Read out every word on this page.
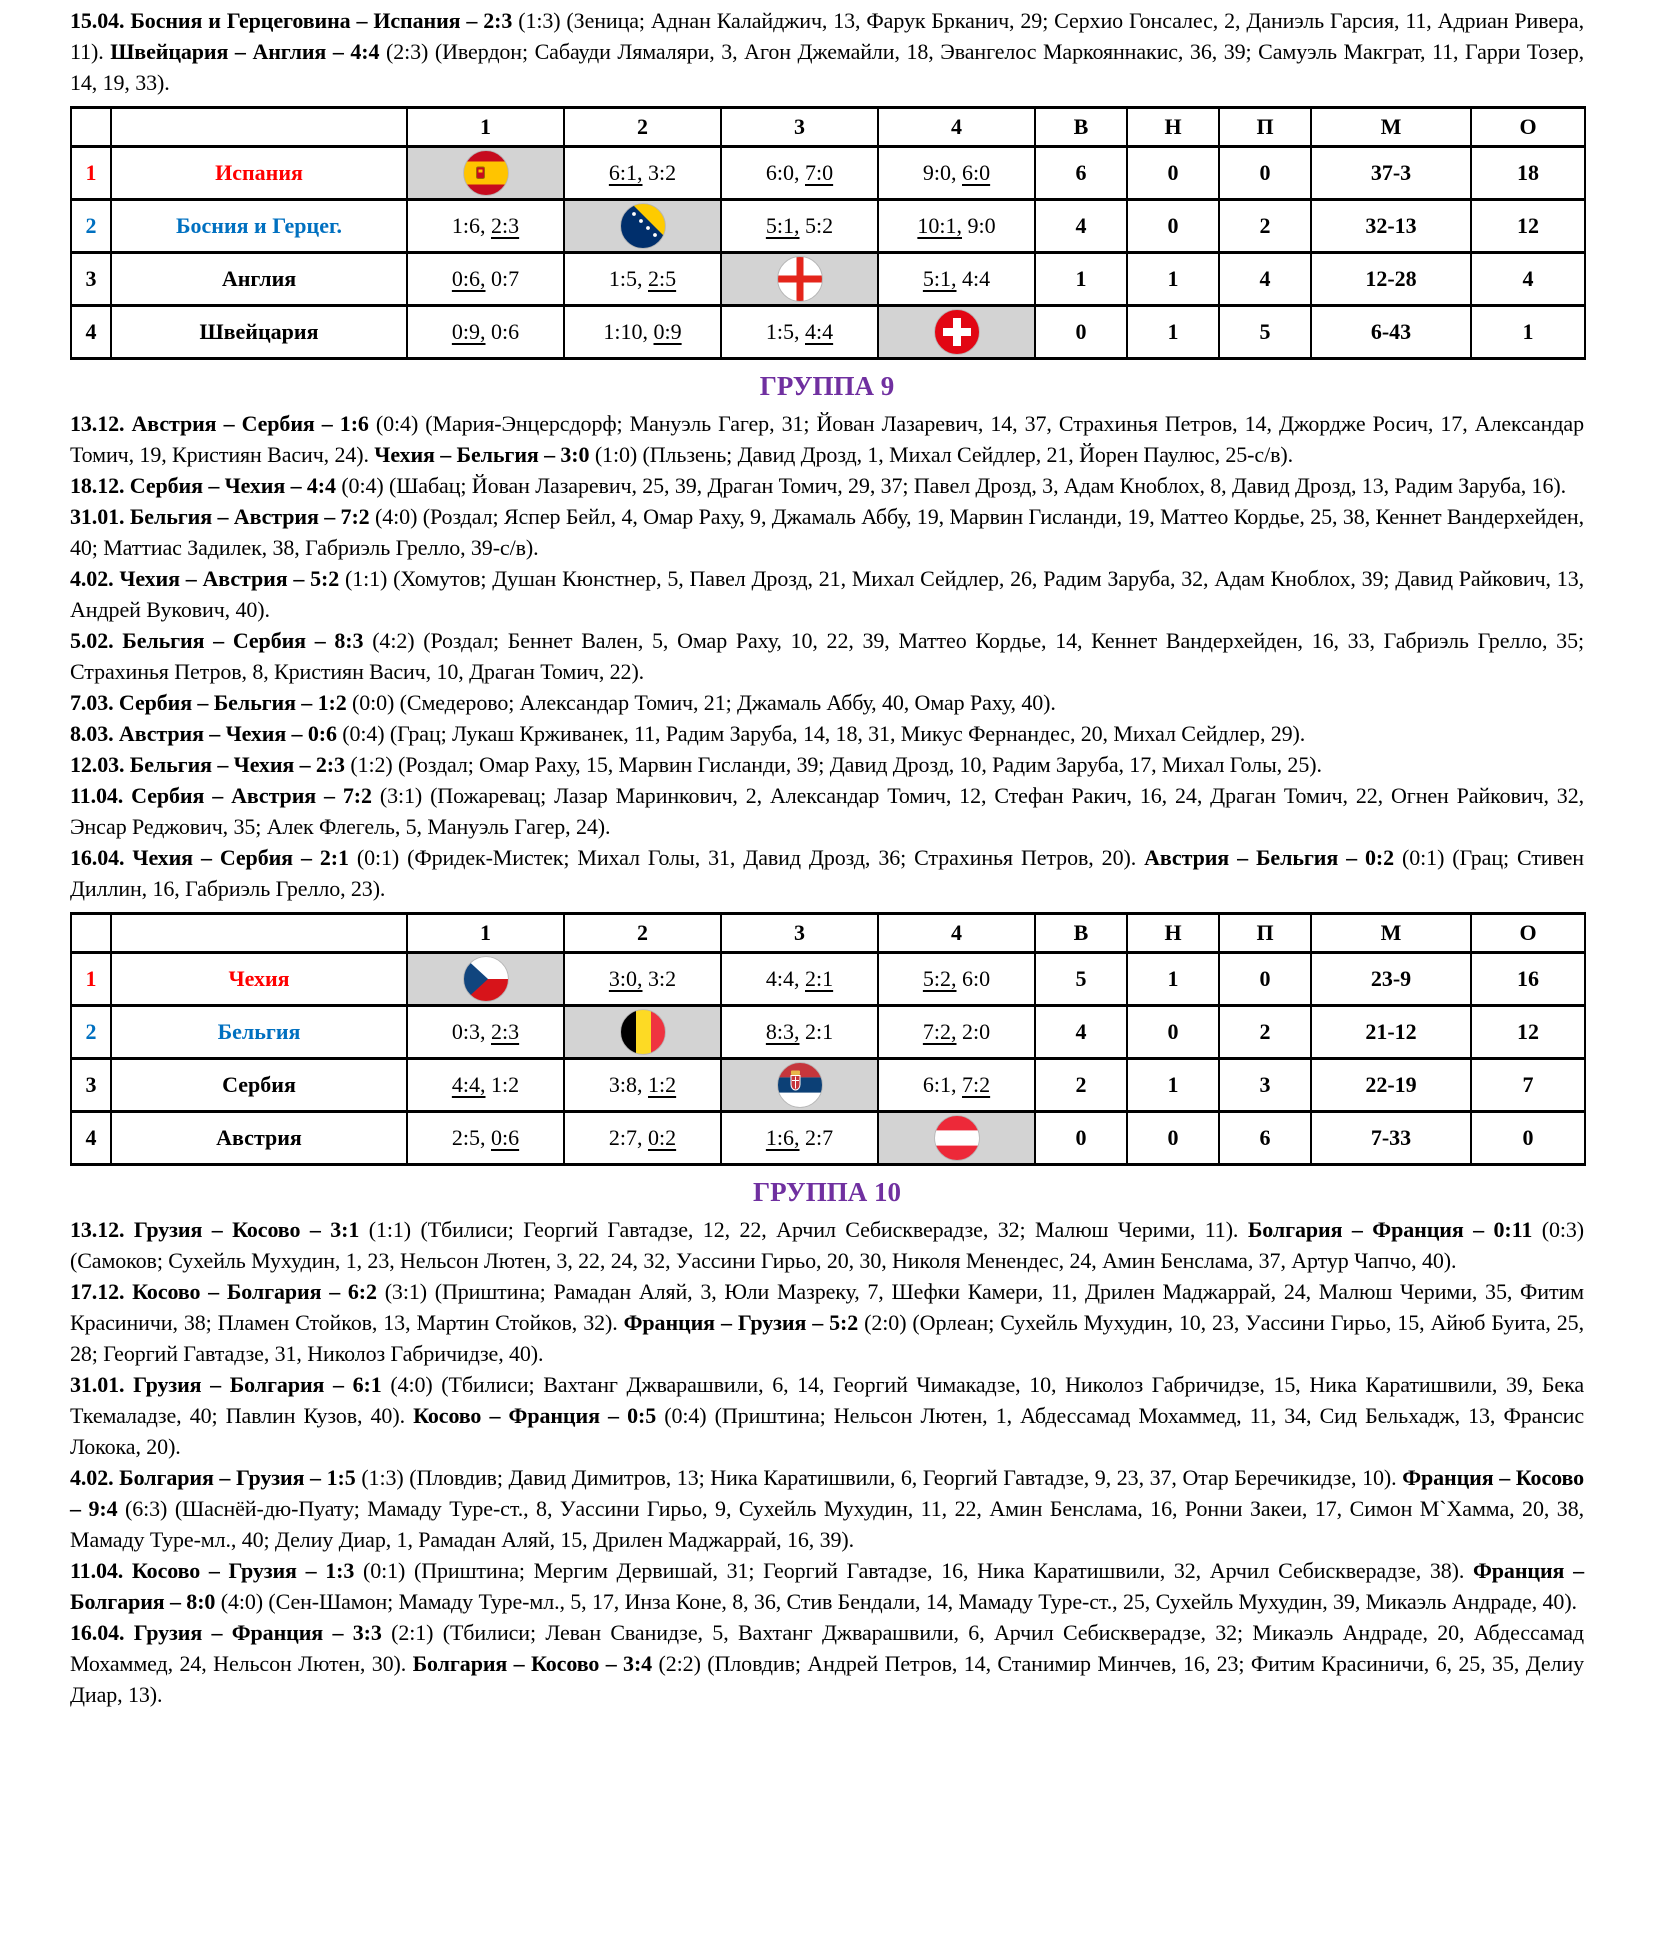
15.04. Босния и Герцеговина – Испания – 2:3 (1:3) (Зеница; Аднан Калайджич, 13, Фарук Брканич, 29; Серхио Гонсалес, 2, Даниэль Гарсия, 11, Адриан Ривера, 11). Швейцария – Англия – 4:4 (2:3) (Ивердон; Сабауди Лямаляри, 3, Агон Джемайли, 18, Эвангелос Маркояннакис, 36, 39; Самуэль Макграт, 11, Гарри Тозер, 14, 19, 33).

		1	2	3	4	В	Н	П	М	О
1	Испания		6:1, 3:2	6:0, 7:0	9:0, 6:0	6	0	0	37-3	18
2	Босния и Герцег.	1:6, 2:3		5:1, 5:2	10:1, 9:0	4	0	2	32-13	12
3	Англия	0:6, 0:7	1:5, 2:5		5:1, 4:4	1	1	4	12-28	4
4	Швейцария	0:9, 0:6	1:10, 0:9	1:5, 4:4		0	1	5	6-43	1
ГРУППА 9

13.12. Австрия – Сербия – 1:6 (0:4) (Мария-Энцерсдорф; Мануэль Гагер, 31; Йован Лазаревич, 14, 37, Страхинья Петров, 14, Джордже Росич, 17, Александар Томич, 19, Кристиян Васич, 24). Чехия – Бельгия – 3:0 (1:0) (Пльзень; Давид Дрозд, 1, Михал Сейдлер, 21, Йорен Паулюс, 25-с/в).

18.12. Сербия – Чехия – 4:4 (0:4) (Шабац; Йован Лазаревич, 25, 39, Драган Томич, 29, 37; Павел Дрозд, 3, Адам Кноблох, 8, Давид Дрозд, 13, Радим Заруба, 16).

31.01. Бельгия – Австрия – 7:2 (4:0) (Роздал; Яспер Бейл, 4, Омар Раху, 9, Джамаль Аббу, 19, Марвин Гисланди, 19, Маттео Кордье, 25, 38, Кеннет Вандерхейден, 40; Маттиас Задилек, 38, Габриэль Грелло, 39-с/в).

4.02. Чехия – Австрия – 5:2 (1:1) (Хомутов; Душан Кюнстнер, 5, Павел Дрозд, 21, Михал Сейдлер, 26, Радим Заруба, 32, Адам Кноблох, 39; Давид Райкович, 13, Андрей Вукович, 40).

5.02. Бельгия – Сербия – 8:3 (4:2) (Роздал; Беннет Вален, 5, Омар Раху, 10, 22, 39, Маттео Кордье, 14, Кеннет Вандерхейден, 16, 33, Габриэль Грелло, 35; Страхинья Петров, 8, Кристиян Васич, 10, Драган Томич, 22).

7.03. Сербия – Бельгия – 1:2 (0:0) (Смедерово; Александар Томич, 21; Джамаль Аббу, 40, Омар Раху, 40).

8.03. Австрия – Чехия – 0:6 (0:4) (Грац; Лукаш Крживанек, 11, Радим Заруба, 14, 18, 31, Микус Фернандес, 20, Михал Сейдлер, 29).

12.03. Бельгия – Чехия – 2:3 (1:2) (Роздал; Омар Раху, 15, Марвин Гисланди, 39; Давид Дрозд, 10, Радим Заруба, 17, Михал Голы, 25).

11.04. Сербия – Австрия – 7:2 (3:1) (Пожаревац; Лазар Маринкович, 2, Александар Томич, 12, Стефан Ракич, 16, 24, Драган Томич, 22, Огнен Райкович, 32, Энсар Реджович, 35; Алек Флегель, 5, Мануэль Гагер, 24).

16.04. Чехия – Сербия – 2:1 (0:1) (Фридек-Мистек; Михал Голы, 31, Давид Дрозд, 36; Страхинья Петров, 20). Австрия – Бельгия – 0:2 (0:1) (Грац; Стивен Диллин, 16, Габриэль Грелло, 23).

		1	2	3	4	В	Н	П	М	О
1	Чехия		3:0, 3:2	4:4, 2:1	5:2, 6:0	5	1	0	23-9	16
2	Бельгия	0:3, 2:3		8:3, 2:1	7:2, 2:0	4	0	2	21-12	12
3	Сербия	4:4, 1:2	3:8, 1:2		6:1, 7:2	2	1	3	22-19	7
4	Австрия	2:5, 0:6	2:7, 0:2	1:6, 2:7		0	0	6	7-33	0
ГРУППА 10

13.12. Грузия – Косово – 3:1 (1:1) (Тбилиси; Георгий Гавтадзе, 12, 22, Арчил Себискверадзе, 32; Малюш Черими, 11). Болгария – Франция – 0:11 (0:3) (Самоков; Сухейль Мухудин, 1, 23, Нельсон Лютен, 3, 22, 24, 32, Уассини Гирьо, 20, 30, Николя Менендес, 24, Амин Бенслама, 37, Артур Чапчо, 40).

17.12. Косово – Болгария – 6:2 (3:1) (Приштина; Рамадан Аляй, 3, Юли Мазреку, 7, Шефки Камери, 11, Дрилен Маджаррай, 24, Малюш Черими, 35, Фитим Красиничи, 38; Пламен Стойков, 13, Мартин Стойков, 32). Франция – Грузия – 5:2 (2:0) (Орлеан; Сухейль Мухудин, 10, 23, Уассини Гирьо, 15, Айюб Буита, 25, 28; Георгий Гавтадзе, 31, Николоз Габричидзе, 40).

31.01. Грузия – Болгария – 6:1 (4:0) (Тбилиси; Вахтанг Джварашвили, 6, 14, Георгий Чимакадзе, 10, Николоз Габричидзе, 15, Ника Каратишвили, 39, Бека Ткемаладзе, 40; Павлин Кузов, 40). Косово – Франция – 0:5 (0:4) (Приштина; Нельсон Лютен, 1, Абдессамад Мохаммед, 11, 34, Сид Бельхадж, 13, Франсис Локока, 20).

4.02. Болгария – Грузия – 1:5 (1:3) (Пловдив; Давид Димитров, 13; Ника Каратишвили, 6, Георгий Гавтадзе, 9, 23, 37, Отар Беречикидзе, 10). Франция – Косово – 9:4 (6:3) (Шаснёй-дю-Пуату; Мамаду Туре-ст., 8, Уассини Гирьо, 9, Сухейль Мухудин, 11, 22, Амин Бенслама, 16, Ронни Закеи, 17, Симон М`Хамма, 20, 38, Мамаду Туре-мл., 40; Делиу Диар, 1, Рамадан Аляй, 15, Дрилен Маджаррай, 16, 39).

11.04. Косово – Грузия – 1:3 (0:1) (Приштина; Мергим Дервишай, 31; Георгий Гавтадзе, 16, Ника Каратишвили, 32, Арчил Себискверадзе, 38). Франция – Болгария – 8:0 (4:0) (Сен-Шамон; Мамаду Туре-мл., 5, 17, Инза Коне, 8, 36, Стив Бендали, 14, Мамаду Туре-ст., 25, Сухейль Мухудин, 39, Микаэль Андраде, 40).

16.04. Грузия – Франция – 3:3 (2:1) (Тбилиси; Леван Сванидзе, 5, Вахтанг Джварашвили, 6, Арчил Себискверадзе, 32; Микаэль Андраде, 20, Абдессамад Мохаммед, 24, Нельсон Лютен, 30). Болгария – Косово – 3:4 (2:2) (Пловдив; Андрей Петров, 14, Станимир Минчев, 16, 23; Фитим Красиничи, 6, 25, 35, Делиу Диар, 13).
